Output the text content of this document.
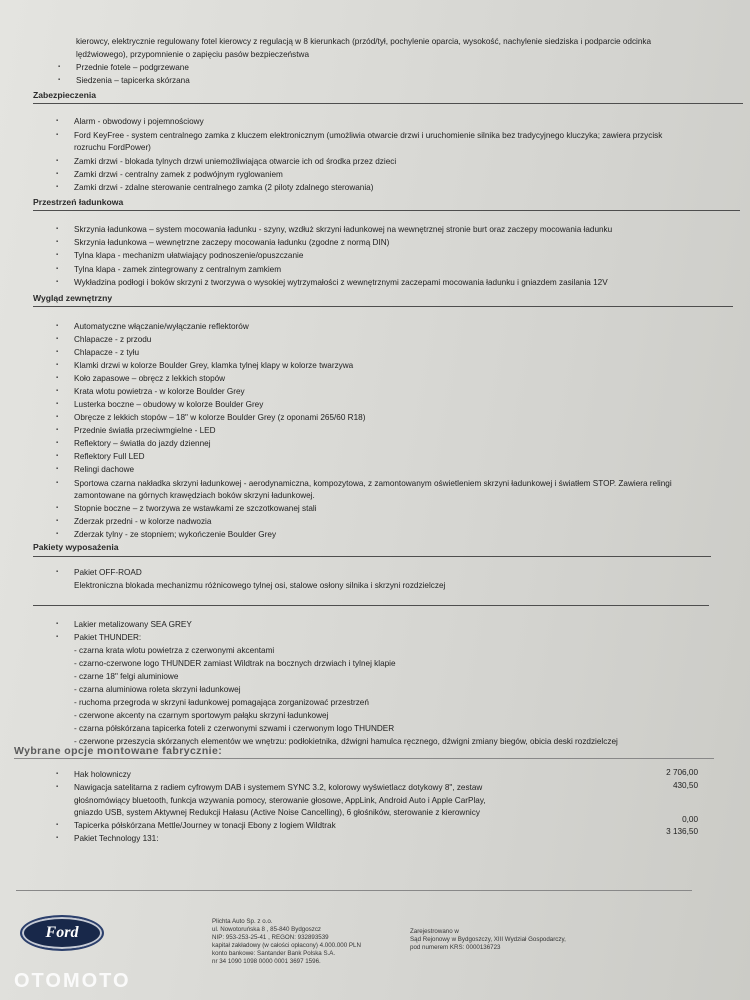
kierowcy, elektrycznie regulowany fotel kierowcy z regulacją w 8 kierunkach (przód/tył, pochylenie oparcia, wysokość, nachylenie siedziska i podparcie odcinka
lędźwiowego), przypomnienie o zapięciu pasów bezpieczeństwa
▪ Przednie fotele – podgrzewane
▪ Siedzenia – tapicerka skórzana
Zabezpieczenia
▪ Alarm - obwodowy i pojemnościowy
▪ Ford KeyFree - system centralnego zamka z kluczem elektronicznym (umożliwia otwarcie drzwi i uruchomienie silnika bez tradycyjnego kluczyka; zawiera przycisk
rozruchu FordPower)
▪ Zamki drzwi - blokada tylnych drzwi uniemożliwiająca otwarcie ich od środka przez dzieci
▪ Zamki drzwi - centralny zamek z podwójnym ryglowaniem
▪ Zamki drzwi - zdalne sterowanie centralnego zamka (2 piloty zdalnego sterowania)
Przestrzeń ładunkowa
▪ Skrzynia ładunkowa – system mocowania ładunku - szyny, wzdłuż skrzyni ładunkowej na wewnętrznej stronie burt oraz zaczepy mocowania ładunku
▪ Skrzynia ładunkowa – wewnętrzne zaczepy mocowania ładunku (zgodne z normą DIN)
▪ Tylna klapa - mechanizm ułatwiający podnoszenie/opuszczanie
▪ Tylna klapa - zamek zintegrowany z centralnym zamkiem
▪ Wykładzina podłogi i boków skrzyni z tworzywa o wysokiej wytrzymałości z wewnętrznymi zaczepami mocowania ładunku i gniazdem zasilania 12V
Wygląd zewnętrzny
▪ Automatyczne włączanie/wyłączanie reflektorów
▪ Chlapacze - z przodu
▪ Chlapacze - z tyłu
▪ Klamki drzwi w kolorze Boulder Grey, klamka tylnej klapy w kolorze twarzywa
▪ Koło zapasowe – obręcz z lekkich stopów
▪ Krata wlotu powietrza - w kolorze Boulder Grey
▪ Lusterka boczne – obudowy w kolorze Boulder Grey
▪ Obręcze z lekkich stopów – 18" w kolorze Boulder Grey (z oponami 265/60 R18)
▪ Przednie światła przeciwmgielne - LED
▪ Reflektory – światła do jazdy dziennej
▪ Reflektory Full LED
▪ Relingi dachowe
▪ Sportowa czarna nakładka skrzyni ładunkowej - aerodynamiczna, kompozytowa, z zamontowanym oświetleniem skrzyni ładunkowej i światłem STOP. Zawiera relingi
zamontowane na górnych krawędziach boków skrzyni ładunkowej.
▪ Stopnie boczne – z tworzywa ze wstawkami ze szczotkowanej stali
▪ Zderzak przedni - w kolorze nadwozia
▪ Zderzak tylny - ze stopniem; wykończenie Boulder Grey
Pakiety wyposażenia
▪ Pakiet OFF-ROAD
Elektroniczna blokada mechanizmu różnicowego tylnej osi, stalowe osłony silnika i skrzyni rozdzielczej
▪ Lakier metalizowany SEA GREY
▪ Pakiet THUNDER:
- czarna krata wlotu powietrza z czerwonymi akcentami
- czarno-czerwone logo THUNDER zamiast Wildtrak na bocznych drzwiach i tylnej klapie
- czarne 18" felgi aluminiowe
- czarna aluminiowa roleta skrzyni ładunkowej
- ruchoma przegroda w skrzyni ładunkowej pomagająca zorganizować przestrzeń
- czerwone akcenty na czarnym sportowym pałąku skrzyni ładunkowej
- czarna półskórzana tapicerka foteli z czerwonymi szwami i czerwonym logo THUNDER
- czerwone przeszycia skórzanych elementów we wnętrzu: podłokietnika, dźwigni hamulca ręcznego, dźwigni zmiany biegów, obicia deski rozdzielczej
Wybrane opcje montowane fabrycznie:
▪ Hak holowniczy
▪ Nawigacja satelitarna z radiem cyfrowym DAB i systemem SYNC 3.2, kolorowy wyświetlacz dotykowy 8", zestaw
głośnomówiący bluetooth, funkcja wzywania pomocy, sterowanie głosowe, AppLink, Android Auto i Apple CarPlay,
gniazdo USB, system Aktywnej Redukcji Hałasu (Active Noise Cancelling), 6 głośników, sterowanie z kierownicy
▪ Tapicerka półskórzana Mettle/Journey w tonacji Ebony z logiem Wildtrak
▪ Pakiet Technology 131:
2 706,00
430,50
0,00
3 136,50
Ford
Plichta Auto Sp. z o.o.
ul. Nowotoruńska 8 , 85-840 Bydgoszcz
NIP: 953-253-25-41 , REGON: 932893539
kapitał zakładowy (w całości opłacony) 4.000.000 PLN
konto bankowe: Santander Bank Polska S.A.
nr 34 1090 1098 0000 0001 3697 1596.
Zarejestrowano w
Sąd Rejonowy w Bydgoszczy, XIII Wydział Gospodarczy,
pod numerem KRS: 0000136723
OTOMOTO
